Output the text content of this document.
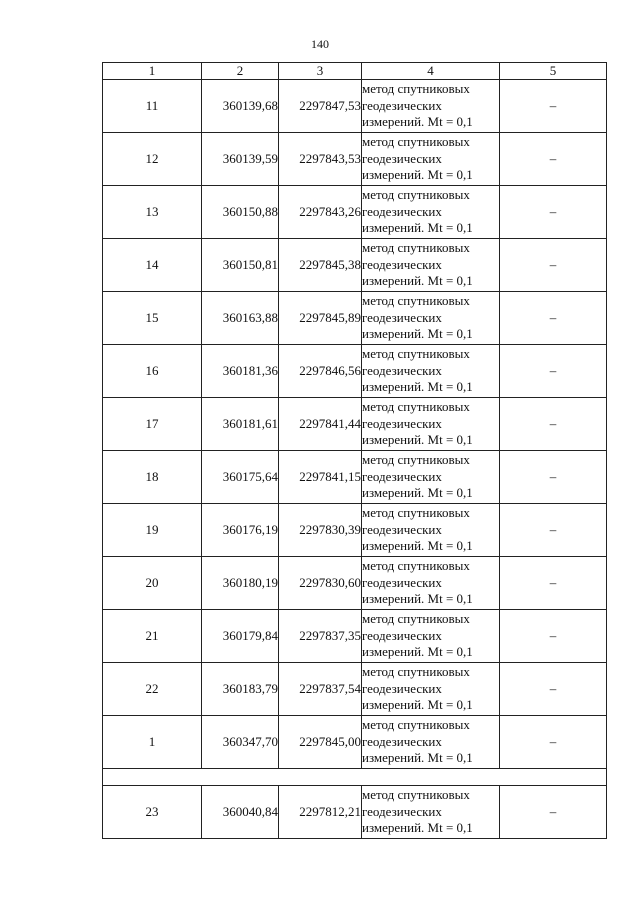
140
1	2	3	4	5
11	360139,68	2297847,53	метод спутниковых
геодезических
измерений. Mt = 0,1	–
12	360139,59	2297843,53	метод спутниковых
геодезических
измерений. Mt = 0,1	–
13	360150,88	2297843,26	метод спутниковых
геодезических
измерений. Mt = 0,1	–
14	360150,81	2297845,38	метод спутниковых
геодезических
измерений. Mt = 0,1	–
15	360163,88	2297845,89	метод спутниковых
геодезических
измерений. Mt = 0,1	–
16	360181,36	2297846,56	метод спутниковых
геодезических
измерений. Mt = 0,1	–
17	360181,61	2297841,44	метод спутниковых
геодезических
измерений. Mt = 0,1	–
18	360175,64	2297841,15	метод спутниковых
геодезических
измерений. Mt = 0,1	–
19	360176,19	2297830,39	метод спутниковых
геодезических
измерений. Mt = 0,1	–
20	360180,19	2297830,60	метод спутниковых
геодезических
измерений. Mt = 0,1	–
21	360179,84	2297837,35	метод спутниковых
геодезических
измерений. Mt = 0,1	–
22	360183,79	2297837,54	метод спутниковых
геодезических
измерений. Mt = 0,1	–
1	360347,70	2297845,00	метод спутниковых
геодезических
измерений. Mt = 0,1	–

23	360040,84	2297812,21	метод спутниковых
геодезических
измерений. Mt = 0,1	–
